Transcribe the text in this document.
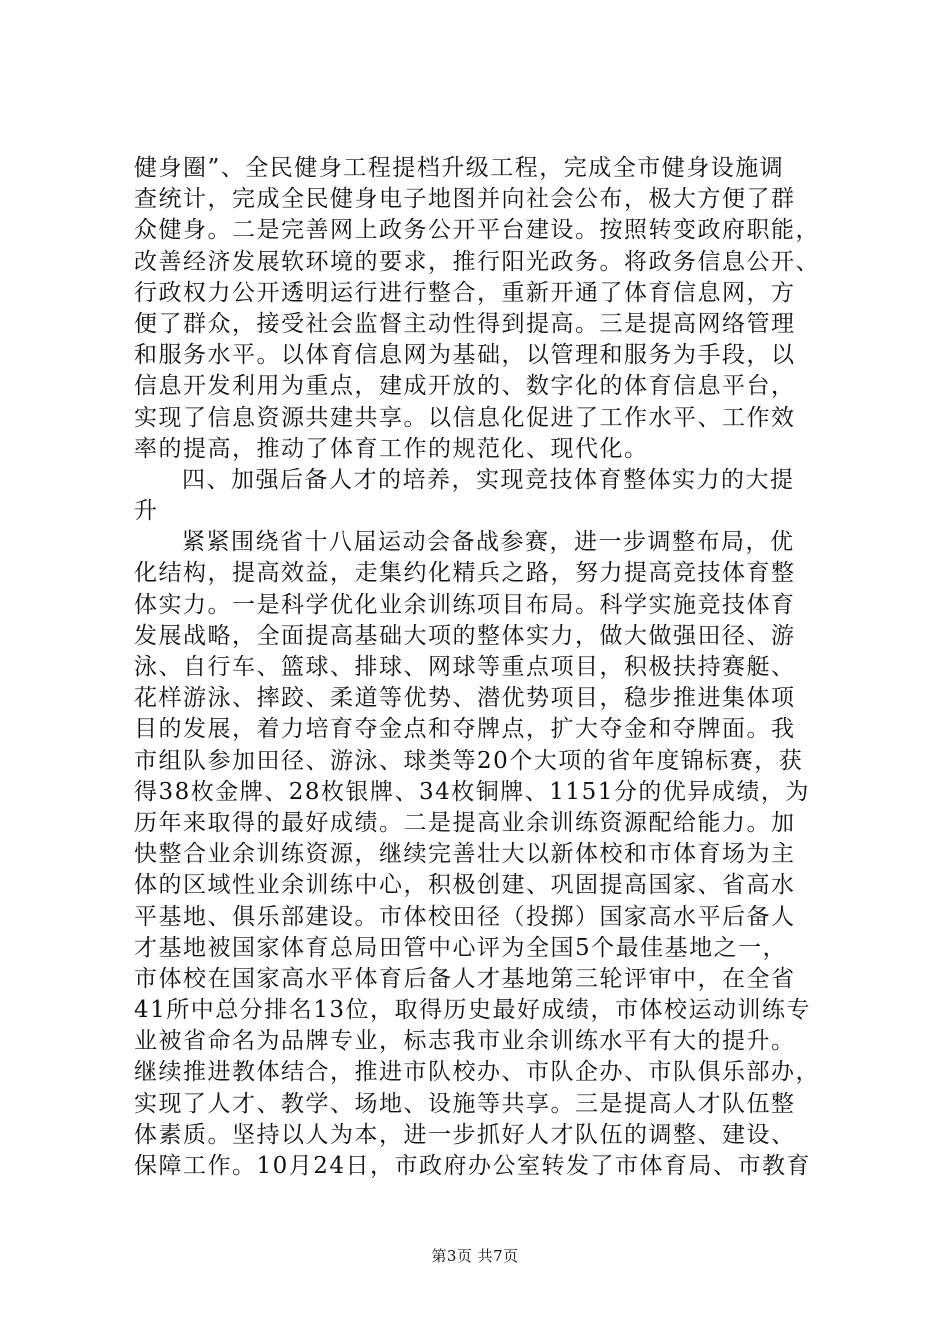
健身圈”、全民健身工程提档升级工程，完成全市健身设施调
查统计，完成全民健身电子地图并向社会公布，极大方便了群
众健身。二是完善网上政务公开平台建设。按照转变政府职能，
改善经济发展软环境的要求，推行阳光政务。将政务信息公开、
行政权力公开透明运行进行整合，重新开通了体育信息网，方
便了群众，接受社会监督主动性得到提高。三是提高网络管理
和服务水平。以体育信息网为基础，以管理和服务为手段，以
信息开发利用为重点，建成开放的、数字化的体育信息平台，
实现了信息资源共建共享。以信息化促进了工作水平、工作效
率的提高，推动了体育工作的规范化、现代化。
四、加强后备人才的培养，实现竞技体育整体实力的大提
升
紧紧围绕省十八届运动会备战参赛，进一步调整布局，优
化结构，提高效益，走集约化精兵之路，努力提高竞技体育整
体实力。一是科学优化业余训练项目布局。科学实施竞技体育
发展战略，全面提高基础大项的整体实力，做大做强田径、游
泳、自行车、篮球、排球、网球等重点项目，积极扶持赛艇、
花样游泳、摔跤、柔道等优势、潜优势项目，稳步推进集体项
目的发展，着力培育夺金点和夺牌点，扩大夺金和夺牌面。我
市组队参加田径、游泳、球类等20个大项的省年度锦标赛，获
得38枚金牌、28枚银牌、34枚铜牌、1151分的优异成绩，为
历年来取得的最好成绩。二是提高业余训练资源配给能力。加
快整合业余训练资源，继续完善壮大以新体校和市体育场为主
体的区域性业余训练中心，积极创建、巩固提高国家、省高水
平基地、俱乐部建设。市体校田径（投掷）国家高水平后备人
才基地被国家体育总局田管中心评为全国5个最佳基地之一，
市体校在国家高水平体育后备人才基地第三轮评审中，在全省
41所中总分排名13位，取得历史最好成绩，市体校运动训练专
业被省命名为品牌专业，标志我市业余训练水平有大的提升。
继续推进教体结合，推进市队校办、市队企办、市队俱乐部办，
实现了人才、教学、场地、设施等共享。三是提高人才队伍整
体素质。坚持以人为本，进一步抓好人才队伍的调整、建设、
保障工作。10月24日，市政府办公室转发了市体育局、市教育
第3页 共7页
